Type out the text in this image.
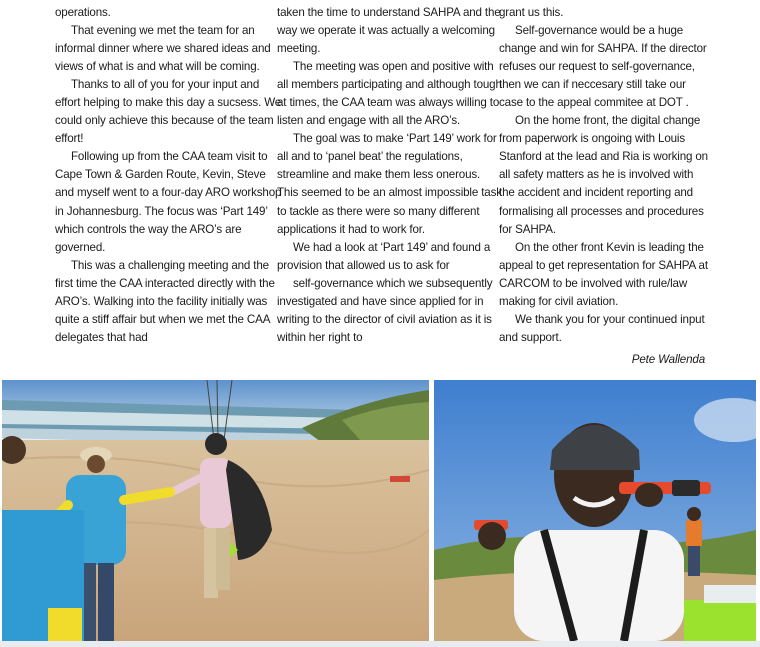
operations.

That evening we met the team for an informal dinner where we shared ideas and views of what is and what will be coming.

Thanks to all of you for your input and effort helping to make this day a sucsess. We could only achieve this because of the team effort!

Following up from the CAA team visit to Cape Town & Garden Route, Kevin, Steve and myself went to a four-day ARO workshop in Johannesburg. The focus was ‘Part 149’ which controls the way the ARO’s are governed.

This was a challenging meeting and the first time the CAA interacted directly with the ARO’s. Walking into the facility initially was quite a stiff affair but when we met the CAA delegates that had

taken the time to understand SAHPA and the way we operate it was actually a welcoming meeting.

The meeting was open and positive with all members participating and although tough at times, the CAA team was always willing to listen and engage with all the ARO’s.

The goal was to make ‘Part 149’ work for all and to ‘panel beat’ the regulations, streamline and make them less onerous. This seemed to be an almost impossible task to tackle as there were so many different applications it had to work for.

We had a look at ‘Part 149’ and found a provision that allowed us to ask for

self-governance which we subsequently investigated and have since applied for in writing to the director of civil aviation as it is within her right to

grant us this.

Self-governance would be a huge change and win for SAHPA. If the director refuses our request to self-governance, then we can if neccesary still take our case to the appeal commitee at DOT .

On the home front, the digital change from paperwork is ongoing with Louis Stanford at the lead and Ria is working on all safety matters as he is involved with the accident and incident reporting and formalising all processes and procedures for SAHPA.

On the other front Kevin is leading the appeal to get representation for SAHPA at CARCOM to be involved with rule/law making for civil aviation.

We thank you for your continued input and support.

Pete Wallenda
